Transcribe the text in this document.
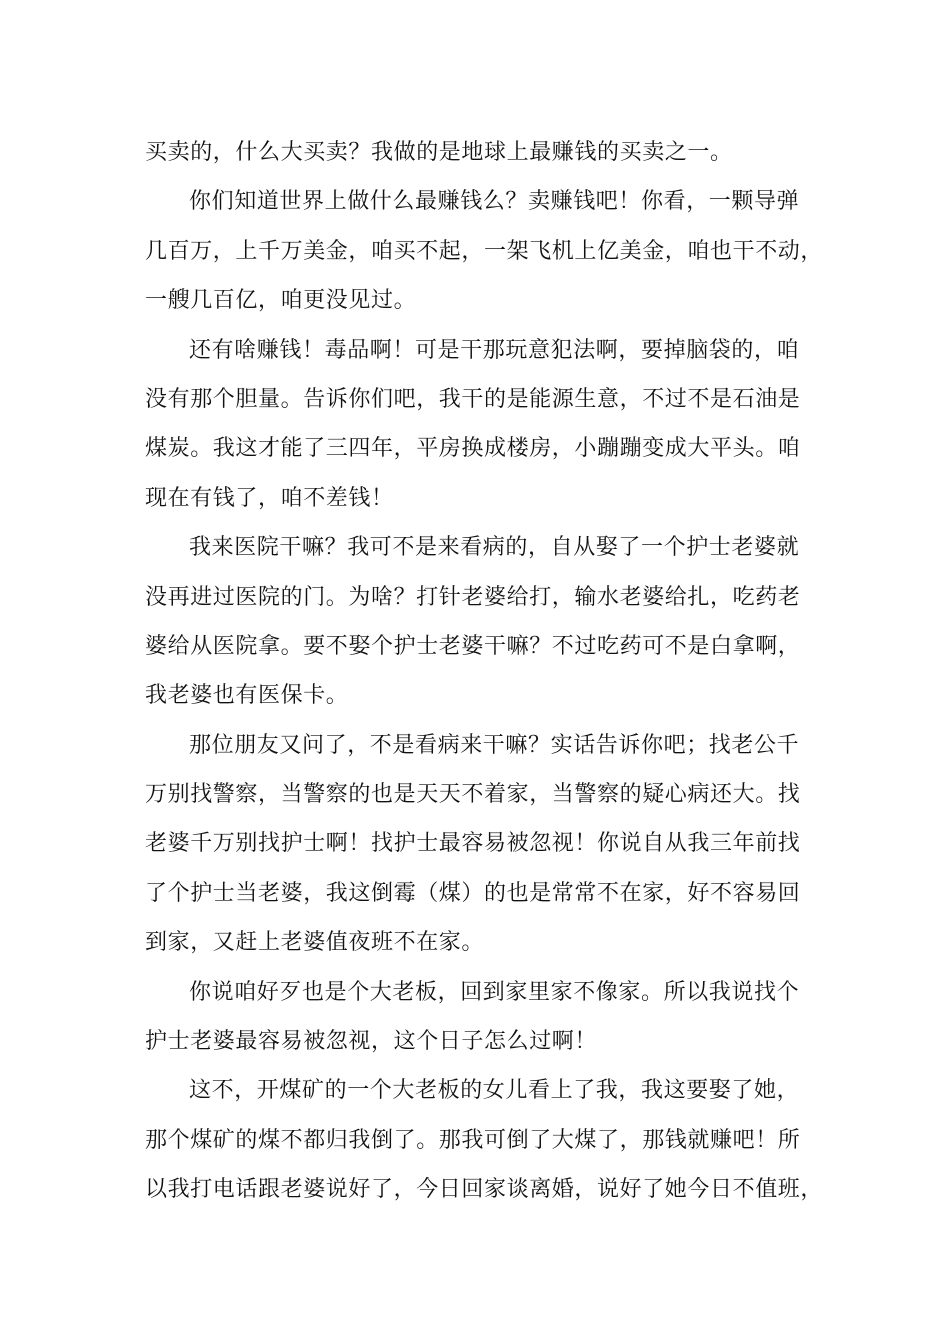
买卖的，什么大买卖？我做的是地球上最赚钱的买卖之一。
你们知道世界上做什么最赚钱么？卖赚钱吧！你看，一颗导弹
几百万，上千万美金，咱买不起，一架飞机上亿美金，咱也干不动，
一艘几百亿，咱更没见过。
还有啥赚钱！毒品啊！可是干那玩意犯法啊，要掉脑袋的，咱
没有那个胆量。告诉你们吧，我干的是能源生意，不过不是石油是
煤炭。我这才能了三四年，平房换成楼房，小蹦蹦变成大平头。咱
现在有钱了，咱不差钱！
我来医院干嘛？我可不是来看病的，自从娶了一个护士老婆就
没再进过医院的门。为啥？打针老婆给打，输水老婆给扎，吃药老
婆给从医院拿。要不娶个护士老婆干嘛？不过吃药可不是白拿啊，
我老婆也有医保卡。
那位朋友又问了，不是看病来干嘛？实话告诉你吧；找老公千
万别找警察，当警察的也是天天不着家，当警察的疑心病还大。找
老婆千万别找护士啊！找护士最容易被忽视！你说自从我三年前找
了个护士当老婆，我这倒霉（煤）的也是常常不在家，好不容易回
到家，又赶上老婆值夜班不在家。
你说咱好歹也是个大老板，回到家里家不像家。所以我说找个
护士老婆最容易被忽视，这个日子怎么过啊！
这不，开煤矿的一个大老板的女儿看上了我，我这要娶了她，
那个煤矿的煤不都归我倒了。那我可倒了大煤了，那钱就赚吧！所
以我打电话跟老婆说好了，今日回家谈离婚，说好了她今日不值班，
